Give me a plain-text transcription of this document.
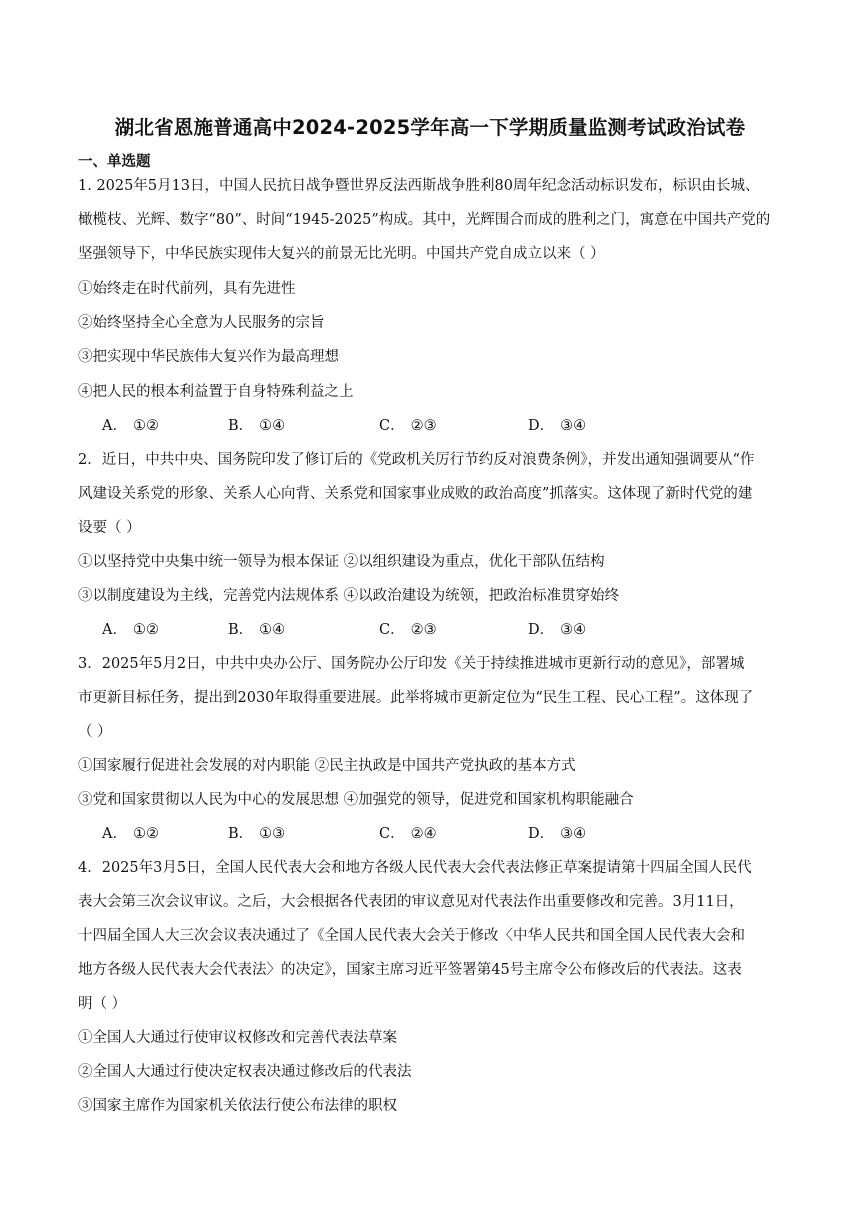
湖北省恩施普通高中2024-2025学年高一下学期质量监测考试政治试卷
一、单选题
1. 2025年5月13日，中国人民抗日战争暨世界反法西斯战争胜利80周年纪念活动标识发布，标识由长城、
橄榄枝、光辉、数字“80”、时间“1945-2025”构成。其中，光辉围合而成的胜利之门，寓意在中国共产党的
坚强领导下，中华民族实现伟大复兴的前景无比光明。中国共产党自成立以来（ ）
①始终走在时代前列，具有先进性
②始终坚持全心全意为人民服务的宗旨
③把实现中华民族伟大复兴作为最高理想
④把人民的根本利益置于自身特殊利益之上
A． ①②	B． ①④	C． ②③	D． ③④
2．近日，中共中央、国务院印发了修订后的《党政机关厉行节约反对浪费条例》，并发出通知强调要从“作
风建设关系党的形象、关系人心向背、关系党和国家事业成败的政治高度”抓落实。这体现了新时代党的建
设要（ ）
①以坚持党中央集中统一领导为根本保证 ②以组织建设为重点，优化干部队伍结构
③以制度建设为主线，完善党内法规体系 ④以政治建设为统领，把政治标准贯穿始终
A． ①②	B． ①④	C． ②③	D． ③④
3．2025年5月2日，中共中央办公厅、国务院办公厅印发《关于持续推进城市更新行动的意见》，部署城
市更新目标任务，提出到2030年取得重要进展。此举将城市更新定位为“民生工程、民心工程”。这体现了
（ ）
①国家履行促进社会发展的对内职能 ②民主执政是中国共产党执政的基本方式
③党和国家贯彻以人民为中心的发展思想 ④加强党的领导，促进党和国家机构职能融合
A． ①②	B． ①③	C． ②④	D． ③④
4．2025年3月5日，全国人民代表大会和地方各级人民代表大会代表法修正草案提请第十四届全国人民代
表大会第三次会议审议。之后，大会根据各代表团的审议意见对代表法作出重要修改和完善。3月11日，
十四届全国人大三次会议表决通过了《全国人民代表大会关于修改〈中华人民共和国全国人民代表大会和
地方各级人民代表大会代表法〉的决定》，国家主席习近平签署第45号主席令公布修改后的代表法。这表
明（ ）
①全国人大通过行使审议权修改和完善代表法草案
②全国人大通过行使决定权表决通过修改后的代表法
③国家主席作为国家机关依法行使公布法律的职权
